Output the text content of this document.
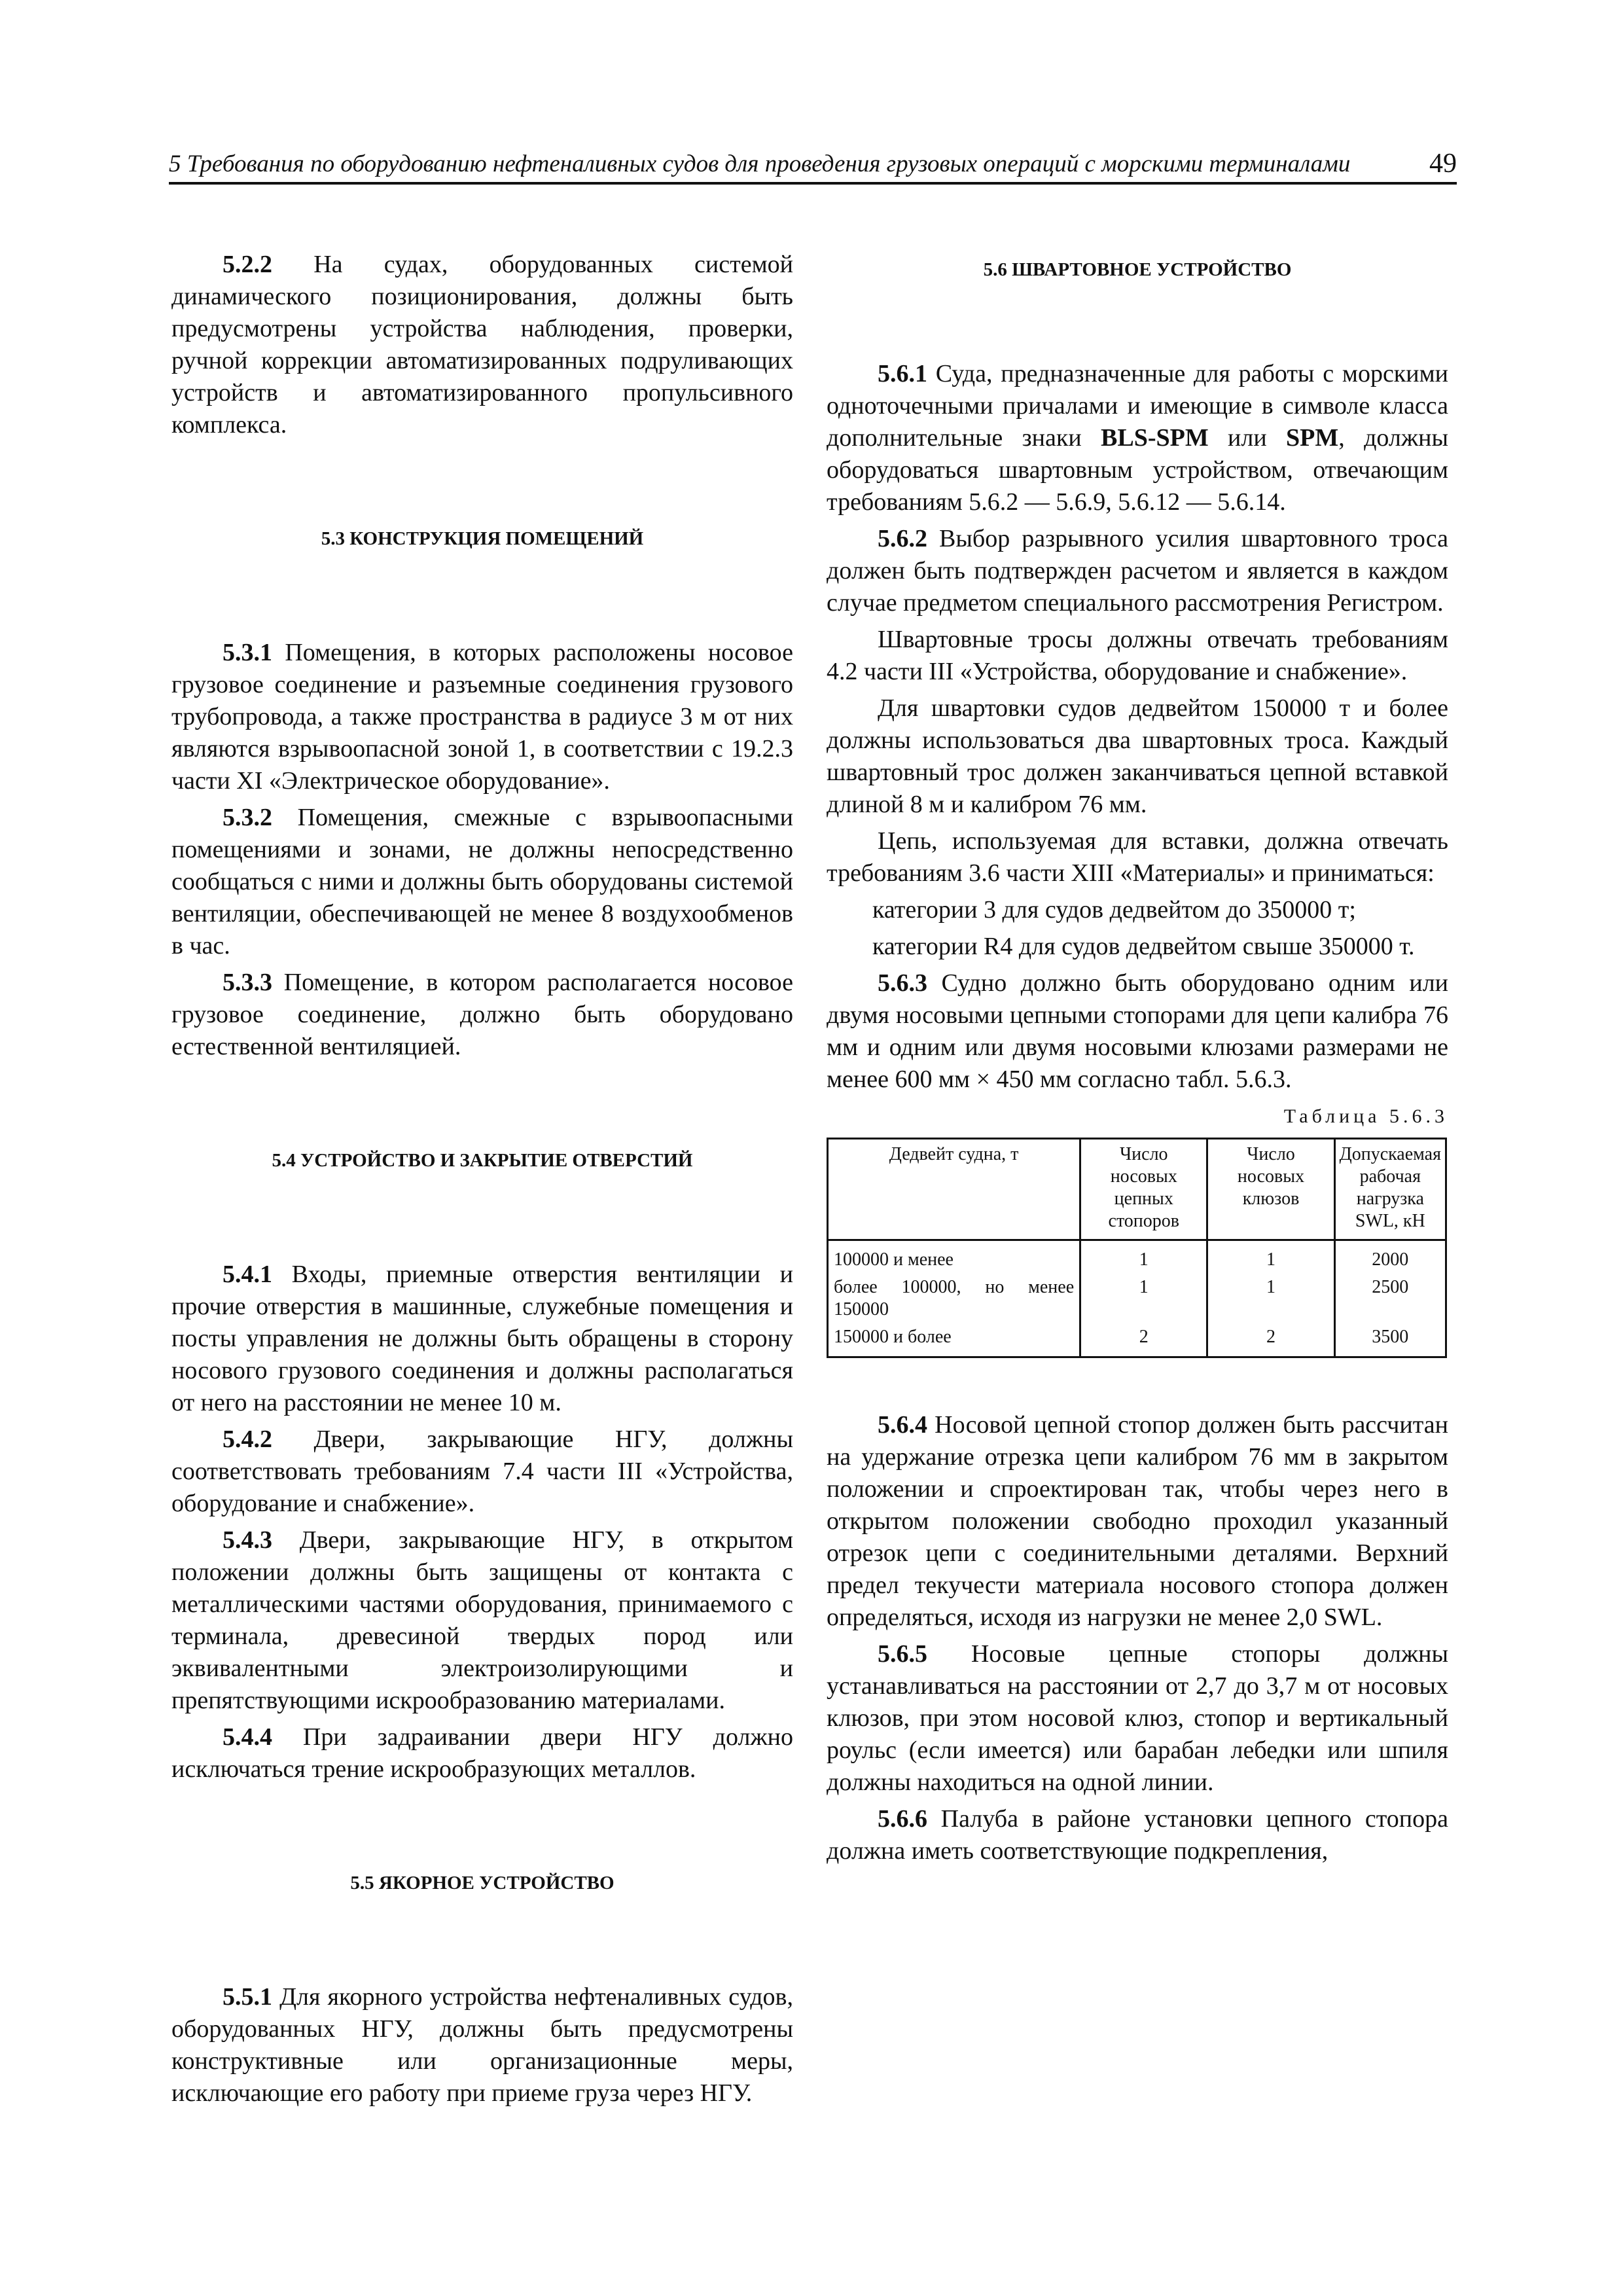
5 Требования по оборудованию нефтеналивных судов для проведения грузовых операций с морскими терминалами	49

5.2.2 На судах, оборудованных системой динамического позиционирования, должны быть предусмотрены устройства наблюдения, проверки, ручной коррекции автоматизированных подруливающих устройств и автоматизированного пропульсивного комплекса.

5.3 КОНСТРУКЦИЯ ПОМЕЩЕНИЙ

5.3.1 Помещения, в которых расположены носовое грузовое соединение и разъемные соединения грузового трубопровода, а также пространства в радиусе 3 м от них являются взрывоопасной зоной 1, в соответствии с 19.2.3 части XI «Электрическое оборудование».

5.3.2 Помещения, смежные с взрывоопасными помещениями и зонами, не должны непосредственно сообщаться с ними и должны быть оборудованы системой вентиляции, обеспечивающей не менее 8 воздухообменов в час.

5.3.3 Помещение, в котором располагается носовое грузовое соединение, должно быть оборудовано естественной вентиляцией.

5.4 УСТРОЙСТВО И ЗАКРЫТИЕ ОТВЕРСТИЙ

5.4.1 Входы, приемные отверстия вентиляции и прочие отверстия в машинные, служебные помещения и посты управления не должны быть обращены в сторону носового грузового соединения и должны располагаться от него на расстоянии не менее 10 м.

5.4.2 Двери, закрывающие НГУ, должны соответствовать требованиям 7.4 части III «Устройства, оборудование и снабжение».

5.4.3 Двери, закрывающие НГУ, в открытом положении должны быть защищены от контакта с металлическими частями оборудования, принимаемого с терминала, древесиной твердых пород или эквивалентными электроизолирующими и препятствующими искрообразованию материалами.

5.4.4 При задраивании двери НГУ должно исключаться трение искрообразующих металлов.

5.5 ЯКОРНОЕ УСТРОЙСТВО

5.5.1 Для якорного устройства нефтеналивных судов, оборудованных НГУ, должны быть предусмотрены конструктивные или организационные меры, исключающие его работу при приеме груза через НГУ.

5.6 ШВАРТОВНОЕ УСТРОЙСТВО

5.6.1 Суда, предназначенные для работы с морскими одноточечными причалами и имеющие в символе класса дополнительные знаки BLS-SPM или SPM, должны оборудоваться швартовным устройством, отвечающим требованиям 5.6.2 — 5.6.9, 5.6.12 — 5.6.14.

5.6.2 Выбор разрывного усилия швартовного троса должен быть подтвержден расчетом и является в каждом случае предметом специального рассмотрения Регистром.

Швартовные тросы должны отвечать требованиям 4.2 части III «Устройства, оборудование и снабжение».

Для швартовки судов дедвейтом 150000 т и более должны использоваться два швартовных троса. Каждый швартовный трос должен заканчиваться цепной вставкой длиной 8 м и калибром 76 мм.

Цепь, используемая для вставки, должна отвечать требованиям 3.6 части XIII «Материалы» и приниматься:

категории 3 для судов дедвейтом до 350000 т;

категории R4 для судов дедвейтом свыше 350000 т.

5.6.3 Судно должно быть оборудовано одним или двумя носовыми цепными стопорами для цепи калибра 76 мм и одним или двумя носовыми клюзами размерами не менее 600 мм × 450 мм согласно табл. 5.6.3.

Таблица 5.6.3
Дедвейт судна, т	Число носовых цепных стопоров	Число носовых клюзов	Допускаемая рабочая нагрузка SWL, кН
100000 и менее	1	1	2000
более 100000, но менее 150000	1	1	2500
150000 и более	2	2	3500

5.6.4 Носовой цепной стопор должен быть рассчитан на удержание отрезка цепи калибром 76 мм в закрытом положении и спроектирован так, чтобы через него в открытом положении свободно проходил указанный отрезок цепи с соединительными деталями. Верхний предел текучести материала носового стопора должен определяться, исходя из нагрузки не менее 2,0 SWL.

5.6.5 Носовые цепные стопоры должны устанавливаться на расстоянии от 2,7 до 3,7 м от носовых клюзов, при этом носовой клюз, стопор и вертикальный роульс (если имеется) или барабан лебедки или шпиля должны находиться на одной линии.

5.6.6 Палуба в районе установки цепного стопора должна иметь соответствующие подкрепления,
